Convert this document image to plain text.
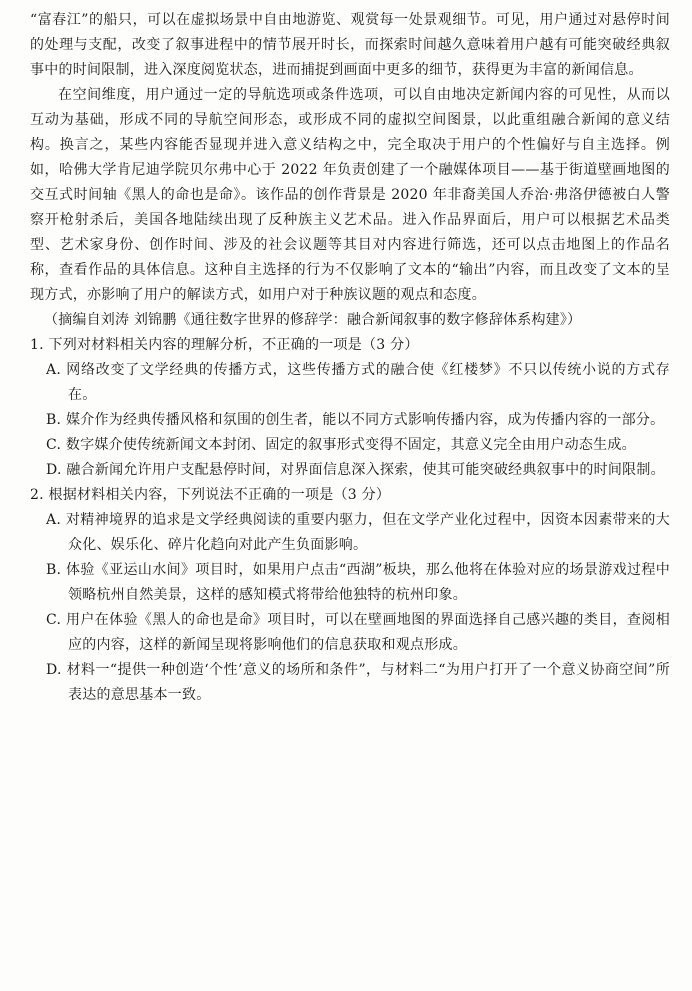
“富春江”的船只，可以在虚拟场景中自由地游览、观赏每一处景观细节。可见，用户通过对悬停时间的处理与支配，改变了叙事进程中的情节展开时长，而探索时间越久意味着用户越有可能突破经典叙事中的时间限制，进入深度阅览状态，进而捕捉到画面中更多的细节，获得更为丰富的新闻信息。

在空间维度，用户通过一定的导航选项或条件选项，可以自由地决定新闻内容的可见性，从而以互动为基础，形成不同的导航空间形态，或形成不同的虚拟空间图景，以此重组融合新闻的意义结构。换言之，某些内容能否显现并进入意义结构之中，完全取决于用户的个性偏好与自主选择。例如，哈佛大学肯尼迪学院贝尔弗中心于 2022 年负责创建了一个融媒体项目——基于街道壁画地图的交互式时间轴《黑人的命也是命》。该作品的创作背景是 2020 年非裔美国人乔治·弗洛伊德被白人警察开枪射杀后，美国各地陆续出现了反种族主义艺术品。进入作品界面后，用户可以根据艺术品类型、艺术家身份、创作时间、涉及的社会议题等其目对内容进行筛选，还可以点击地图上的作品名称，查看作品的具体信息。这种自主选择的行为不仅影响了文本的“输出”内容，而且改变了文本的呈现方式，亦影响了用户的解读方式，如用户对于种族议题的观点和态度。

（摘编自刘涛 刘锦鹏《通往数字世界的修辞学：融合新闻叙事的数字修辞体系构建》）

1. 下列对材料相关内容的理解分析，不正确的一项是（3 分）

A. 网络改变了文学经典的传播方式，这些传播方式的融合使《红楼梦》不只以传统小说的方式存在。
B. 媒介作为经典传播风格和氛围的创生者，能以不同方式影响传播内容，成为传播内容的一部分。
C. 数字媒介使传统新闻文本封闭、固定的叙事形式变得不固定，其意义完全由用户动态生成。
D. 融合新闻允许用户支配悬停时间，对界面信息深入探索，使其可能突破经典叙事中的时间限制。

2. 根据材料相关内容，下列说法不正确的一项是（3 分）

A. 对精神境界的追求是文学经典阅读的重要内驱力，但在文学产业化过程中，因资本因素带来的大众化、娱乐化、碎片化趋向对此产生负面影响。
B. 体验《亚运山水间》项目时，如果用户点击“西湖”板块，那么他将在体验对应的场景游戏过程中领略杭州自然美景，这样的感知模式将带给他独特的杭州印象。
C. 用户在体验《黑人的命也是命》项目时，可以在壁画地图的界面选择自己感兴趣的类目，查阅相应的内容，这样的新闻呈现将影响他们的信息获取和观点形成。
D. 材料一“提供一种创造‘个性’意义的场所和条件”，与材料二“为用户打开了一个意义协商空间”所表达的意思基本一致。
